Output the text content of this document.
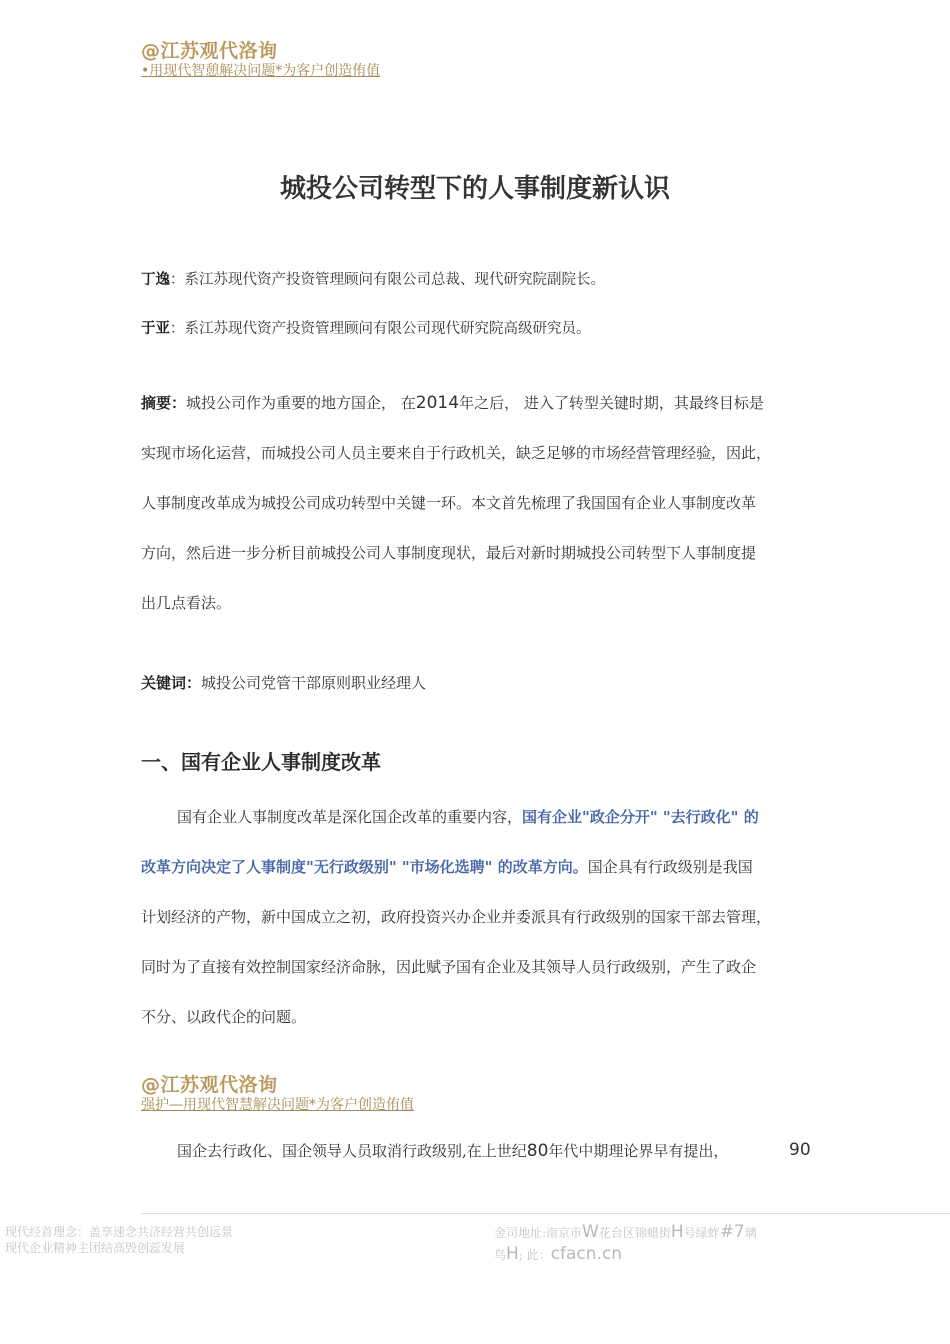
@江苏观代洛询
•用现代智憩解决问题*为客户创造侑值
城投公司转型下的人事制度新认识
丁逸：系江苏现代资产投资管理顾问有限公司总裁、现代研究院副院长。
于亚：系江苏现代资产投资管理顾问有限公司现代研究院高级研究员。
摘要：城投公司作为重要的地方国企， 在2014年之后， 进入了转型关键时期，其最终目标是
实现市场化运营，而城投公司人员主要来自于行政机关，缺乏足够的市场经营管理经验，因此，
人事制度改革成为城投公司成功转型中关键一环。本文首先梳理了我国国有企业人事制度改革
方向，然后进一步分析目前城投公司人事制度现状，最后对新时期城投公司转型下人事制度提
出几点看法。
关键词：城投公司党管干部原则职业经理人
一、国有企业人事制度改革
国有企业人事制度改革是深化国企改革的重要内容，国有企业"政企分开" "去行政化" 的
改革方向决定了人事制度"无行政级别" "市场化选聘" 的改革方向。国企具有行政级别是我国
计划经济的产物，新中国成立之初，政府投资兴办企业并委派具有行政级别的国家干部去管理，
同时为了直接有效控制国家经济命脉，因此赋予国有企业及其领导人员行政级别，产生了政企
不分、以政代企的问题。
@江苏观代洛询
强护—用现代智慧解决问题*为客户创造侑值
国企去行政化、国企领导人员取消行政级别,在上世纪80年代中期理论界早有提出，	90
现代经首理念：盖享速念共济经营共创远景
现代企业精神主团结高毁创蕊发展
金司地址:南京市W花台区锦蜡街H号绿蚱#7璃
鸟H; 此：cfacn.cn
